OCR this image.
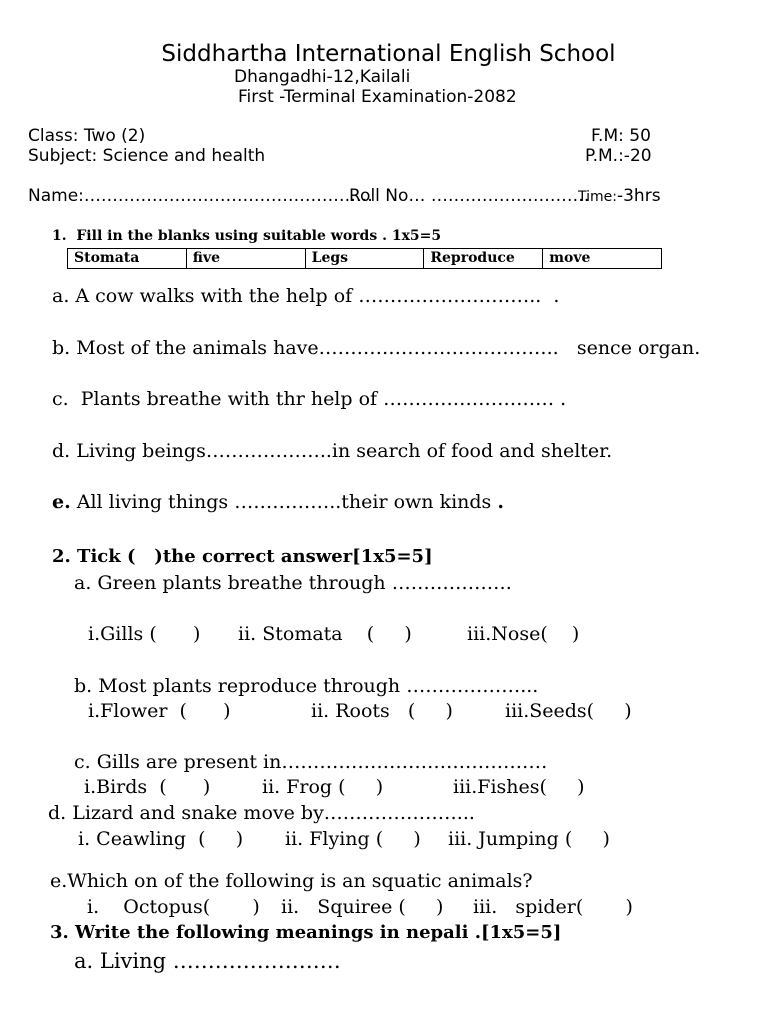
Siddhartha International English School
Dhangadhi-12,Kailali
First -Terminal Examination-2082
Class: Two (2)	F.M: 50
Subject: Science and health	P.M.:-20
Name:……………………………………………
Roll No… ……………………….
Time:-3hrs
1.  Fill in the blanks using suitable words . 1x5=5
Stomata	five	Legs	Reproduce	move
a. A cow walks with the help of ………………………..  .
b. Most of the animals have………………………………..   sence organ.
c.  Plants breathe with thr help of ……………………… .
d. Living beings………………..in search of food and shelter.
e. All living things ……………..their own kinds .
2. Tick (   )the correct answer[1x5=5]
a. Green plants breathe through ……………….
i.Gills (      ) ii. Stomata    (     )	iii.Nose(    )
b. Most plants reproduce through ………………...
i.Flower  (      )	ii. Roots   (     )	iii.Seeds(     )
c. Gills are present in……………………………………
i.Birds  (      )	ii. Frog (     )	iii.Fishes(     )
d. Lizard and snake move by…………………...
i. Ceawling  (     ) ii. Flying (     ) iii. Jumping (     )
e.Which on of the following is an squatic animals?
i.    Octopus(       ) ii.   Squiree (     ) iii.   spider(       )
3. Write the following meanings in nepali .[1x5=5]
a. Living ……………………
